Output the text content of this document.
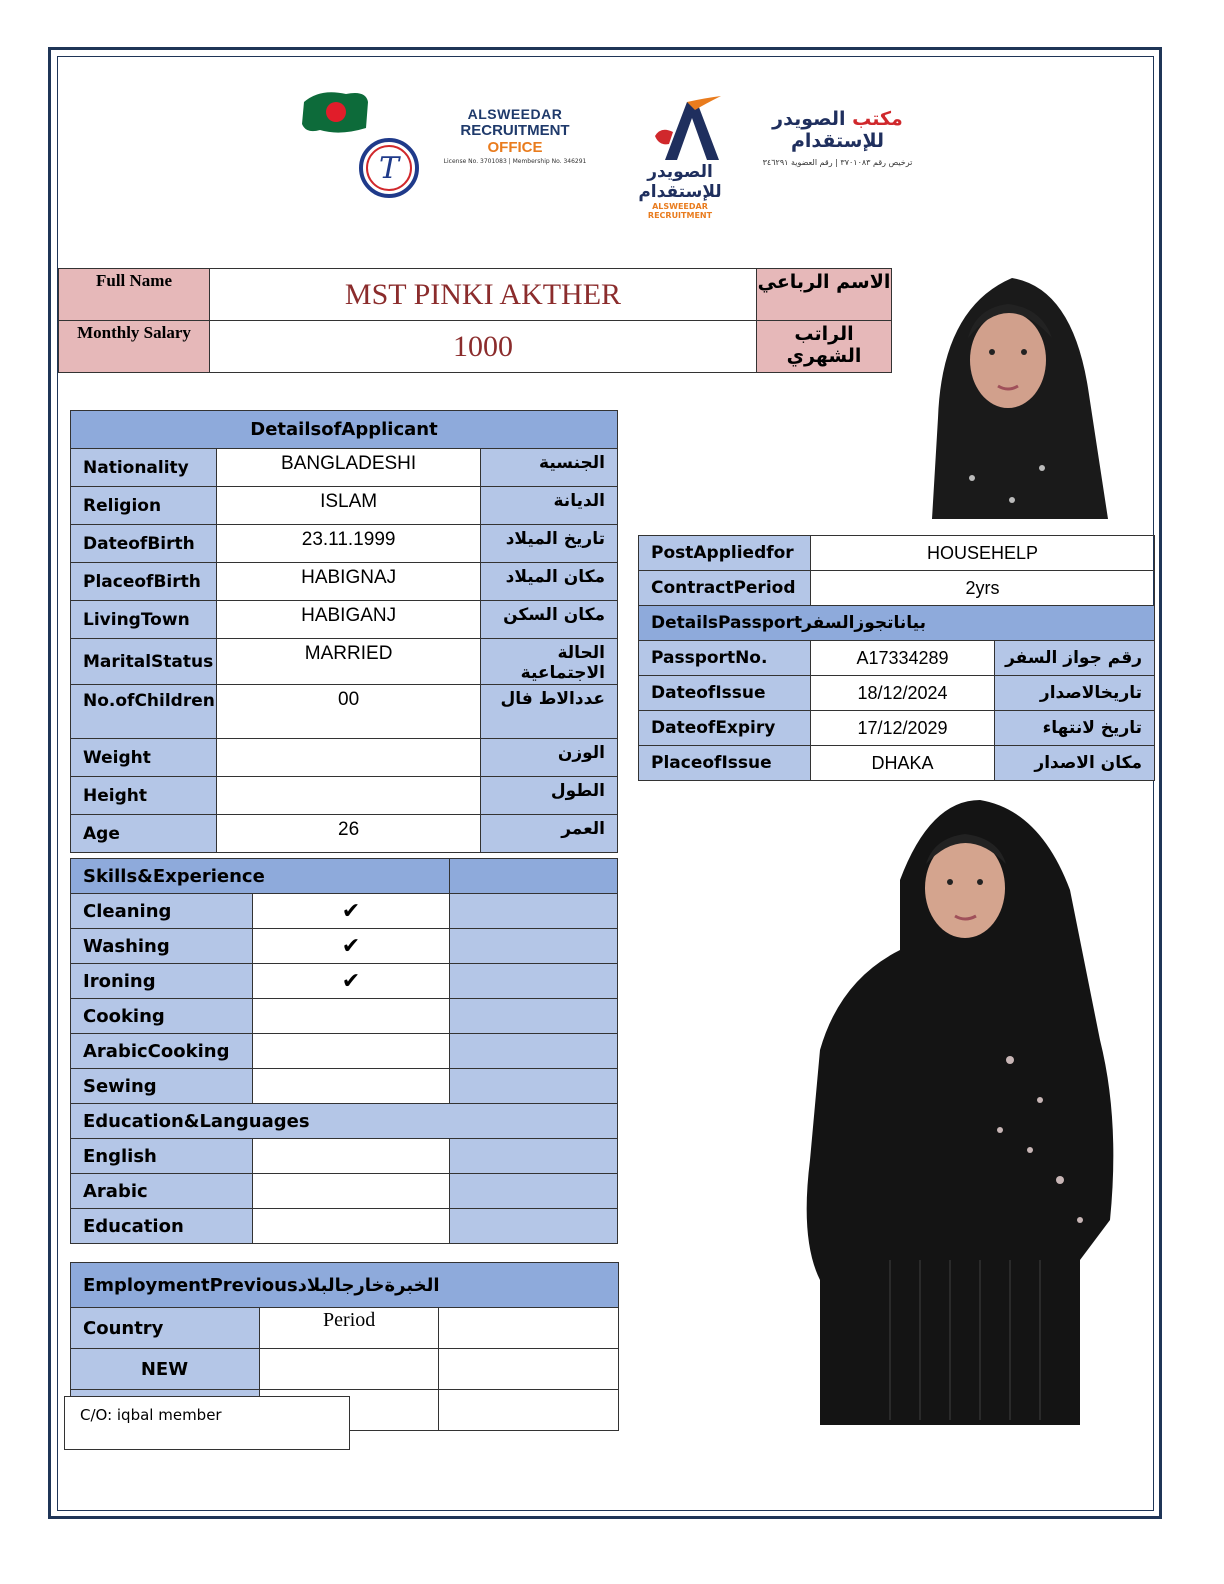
T
ALSWEEDAR
RECRUITMENT OFFICE
License No. 3701083 | Membership No. 346291
الصويدر للإستقدام
ALSWEEDAR RECRUITMENT
مكتب الصويدر للإستقدام
ترخيص رقم ٣٧٠١٠٨٣ | رقم العضوية ٣٤٦٢٩١
Full Name	MST PINKI AKTHER	الاسم الرباعي
Monthly Salary	1000	الراتب الشهري
DetailsofApplicant		
Nationality	BANGLADESHI	الجنسية
Religion	ISLAM	الديانة
DateofBirth	23.11.1999	تاريخ الميلاد
PlaceofBirth	HABIGNAJ	مكان الميلاد
LivingTown	HABIGANJ	مكان السكن
MaritalStatus	MARRIED	الحالة الاجتماعية
No.ofChildren	00	عددالاط فال
Weight		الوزن
Height		الطول
Age	26	العمر
Skills&Experience		
Cleaning	✔	
Washing	✔	
Ironing	✔	
Cooking		
ArabicCooking		
Sewing		
Education&Languages		
English		
Arabic		
Education		
PostAppliedfor	HOUSEHELP	
ContractPeriod	2yrs	
DetailsPassportبياناتجوزالسفر		
PassportNo.	A17334289	رقم جواز السفر
DateofIssue	18/12/2024	تاريخالاصدار
DateofExpiry	17/12/2029	تاريخ لانتهاء
PlaceofIssue	DHAKA	مكان الاصدار
EmploymentPreviousالخبرةخارجالبلاد		
Country	Period	
NEW		

C/O: iqbal member
